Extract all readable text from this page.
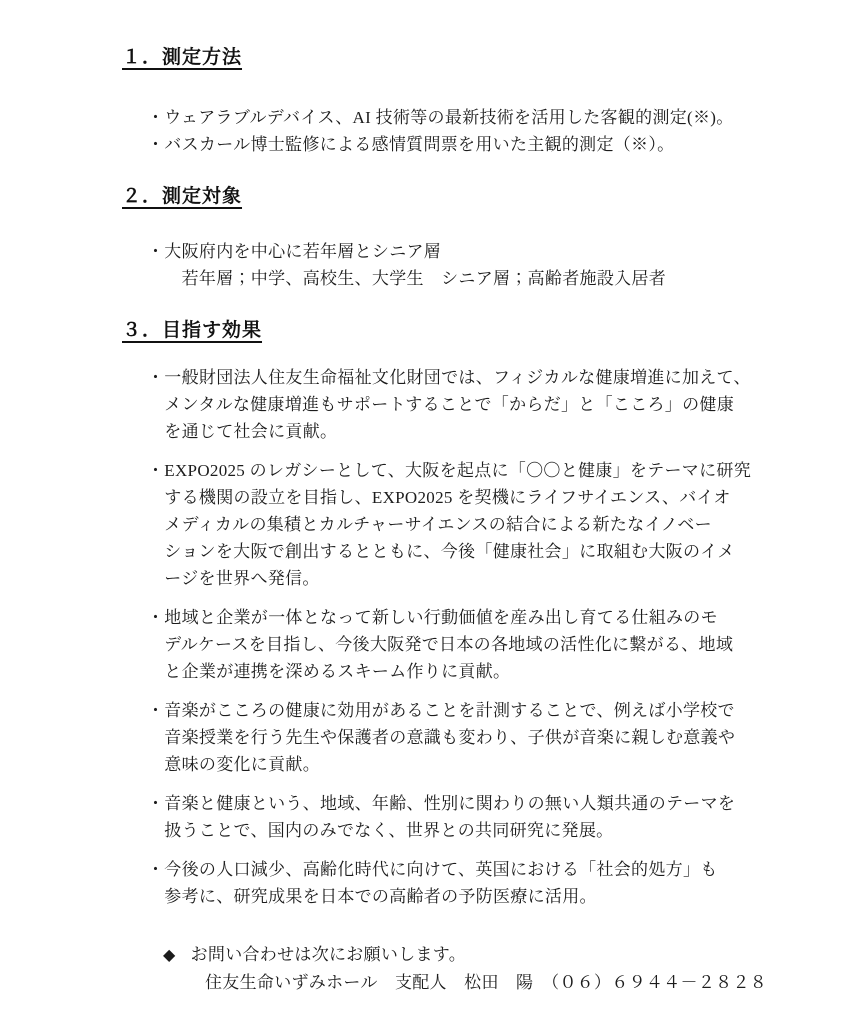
１．測定方法
・ウェアラブルデバイス、AI 技術等の最新技術を活用した客観的測定(※)。
・バスカール博士監修による感情質問票を用いた主観的測定（※）。
２．測定対象
・大阪府内を中心に若年層とシニア層
　　若年層；中学、高校生、大学生　シニア層；高齢者施設入居者
３．目指す効果
・一般財団法人住友生命福祉文化財団では、フィジカルな健康増進に加えて、
　メンタルな健康増進もサポートすることで「からだ」と「こころ」の健康
　を通じて社会に貢献。
・EXPO2025 のレガシーとして、大阪を起点に「〇〇と健康」をテーマに研究
　する機関の設立を目指し、EXPO2025 を契機にライフサイエンス、バイオ
　メディカルの集積とカルチャーサイエンスの結合による新たなイノベー
　ションを大阪で創出するとともに、今後「健康社会」に取組む大阪のイメ
　ージを世界へ発信。
・地域と企業が一体となって新しい行動価値を産み出し育てる仕組みのモ
　デルケースを目指し、今後大阪発で日本の各地域の活性化に繋がる、地域
　と企業が連携を深めるスキーム作りに貢献。
・音楽がこころの健康に効用があることを計測することで、例えば小学校で
　音楽授業を行う先生や保護者の意識も変わり、子供が音楽に親しむ意義や
　意味の変化に貢献。
・音楽と健康という、地域、年齢、性別に関わりの無い人類共通のテーマを
　扱うことで、国内のみでなく、世界との共同研究に発展。
・今後の人口減少、高齢化時代に向けて、英国における「社会的処方」も
　参考に、研究成果を日本での高齢者の予防医療に活用。
◆ お問い合わせは次にお願いします。
住友生命いずみホール　支配人　松田　陽　（０６）６９４４－２８２８
